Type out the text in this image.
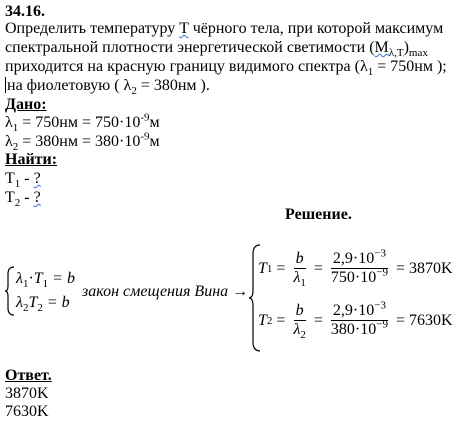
34.16.
Определить температуру T чёрного тела, при которой максимум
спектральной плотности энергетической светимости $(M_{\lambda,T})_{max}$
приходится на красную границу видимого спектра ($\lambda_1 = 750нм$ );
на фиолетовую ( $\lambda_2 = 380нм$ ).
Дано:
$\lambda_1 = 750нм = 750\cdot 10^{-9}м$
$\lambda_2 = 380нм = 380\cdot 10^{-9}м$
Найти:
$T_1$ - ?
$T_2$ - ?
Решение.
$\lambda_1\cdot T_1 = b$
$\lambda_2T_2 = b$
закон смещения Вина →
T $1 = \frac{b}{\lambda_1} = \frac{2,9\cdot 10^{-3}}{750\cdot 10^{-9}} = 3870K$
T $2 = \frac{b}{\lambda_2} = \frac{2,9\cdot 10^{-3}}{380\cdot 10^{-9}} = 7630K$
Ответ.
3870K
7630K
